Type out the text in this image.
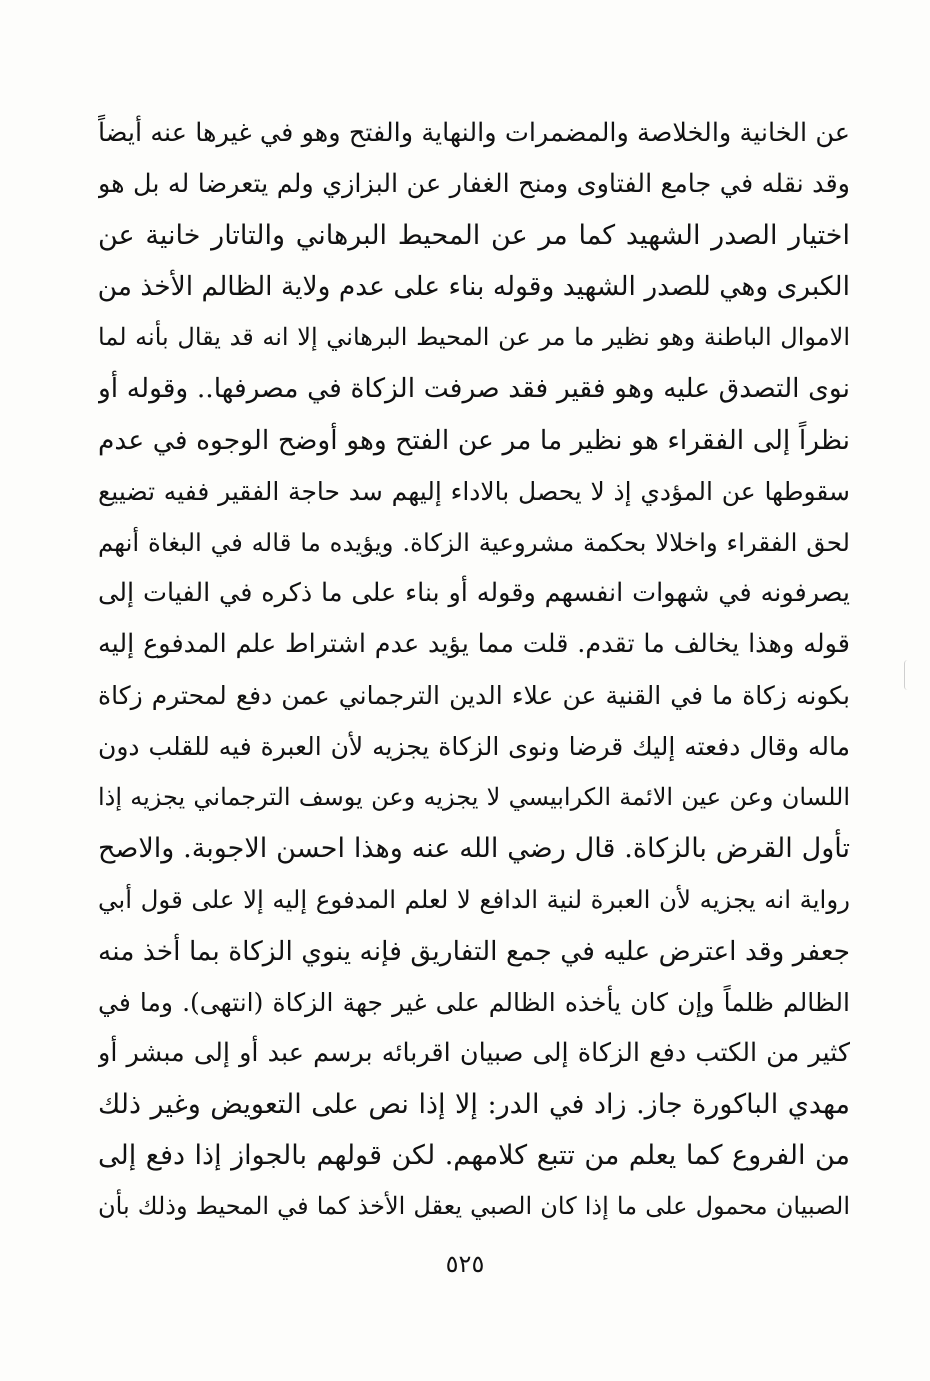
عن الخانية والخلاصة والمضمرات والنهاية والفتح وهو في غيرها عنه أيضاً
وقد نقله في جامع الفتاوى ومنح الغفار عن البزازي ولم يتعرضا له بل هو
اختيار الصدر الشهيد كما مر عن المحيط البرهاني والتاتار خانية عن
الكبرى وهي للصدر الشهيد وقوله بناء على عدم ولاية الظالم الأخذ من
الاموال الباطنة وهو نظير ما مر عن المحيط البرهاني إلا انه قد يقال بأنه لما
نوى التصدق عليه وهو فقير فقد صرفت الزكاة في مصرفها.. وقوله أو
نظراً إلى الفقراء هو نظير ما مر عن الفتح وهو أوضح الوجوه في عدم
سقوطها عن المؤدي إذ لا يحصل بالاداء إليهم سد حاجة الفقير ففيه تضييع
لحق الفقراء واخلالا بحكمة مشروعية الزكاة. ويؤيده ما قاله في البغاة أنهم
يصرفونه في شهوات انفسهم وقوله أو بناء على ما ذكره في الفيات إلى
قوله وهذا يخالف ما تقدم. قلت مما يؤيد عدم اشتراط علم المدفوع إليه
بكونه زكاة ما في القنية عن علاء الدين الترجماني عمن دفع لمحترم زكاة
ماله وقال دفعته إليك قرضا ونوى الزكاة يجزيه لأن العبرة فيه للقلب دون
اللسان وعن عين الائمة الكرابيسي لا يجزيه وعن يوسف الترجماني يجزيه إذا
تأول القرض بالزكاة. قال رضي الله عنه وهذا احسن الاجوبة. والاصح
رواية انه يجزيه لأن العبرة لنية الدافع لا لعلم المدفوع إليه إلا على قول أبي
جعفر وقد اعترض عليه في جمع التفاريق فإنه ينوي الزكاة بما أخذ منه
الظالم ظلماً وإن كان يأخذه الظالم على غير جهة الزكاة (انتهى). وما في
كثير من الكتب دفع الزكاة إلى صبيان اقربائه برسم عبد أو إلى مبشر أو
مهدي الباكورة جاز. زاد في الدر: إلا إذا نص على التعويض وغير ذلك
من الفروع كما يعلم من تتبع كلامهم. لكن قولهم بالجواز إذا دفع إلى
الصبيان محمول على ما إذا كان الصبي يعقل الأخذ كما في المحيط وذلك بأن
٥٢٥
